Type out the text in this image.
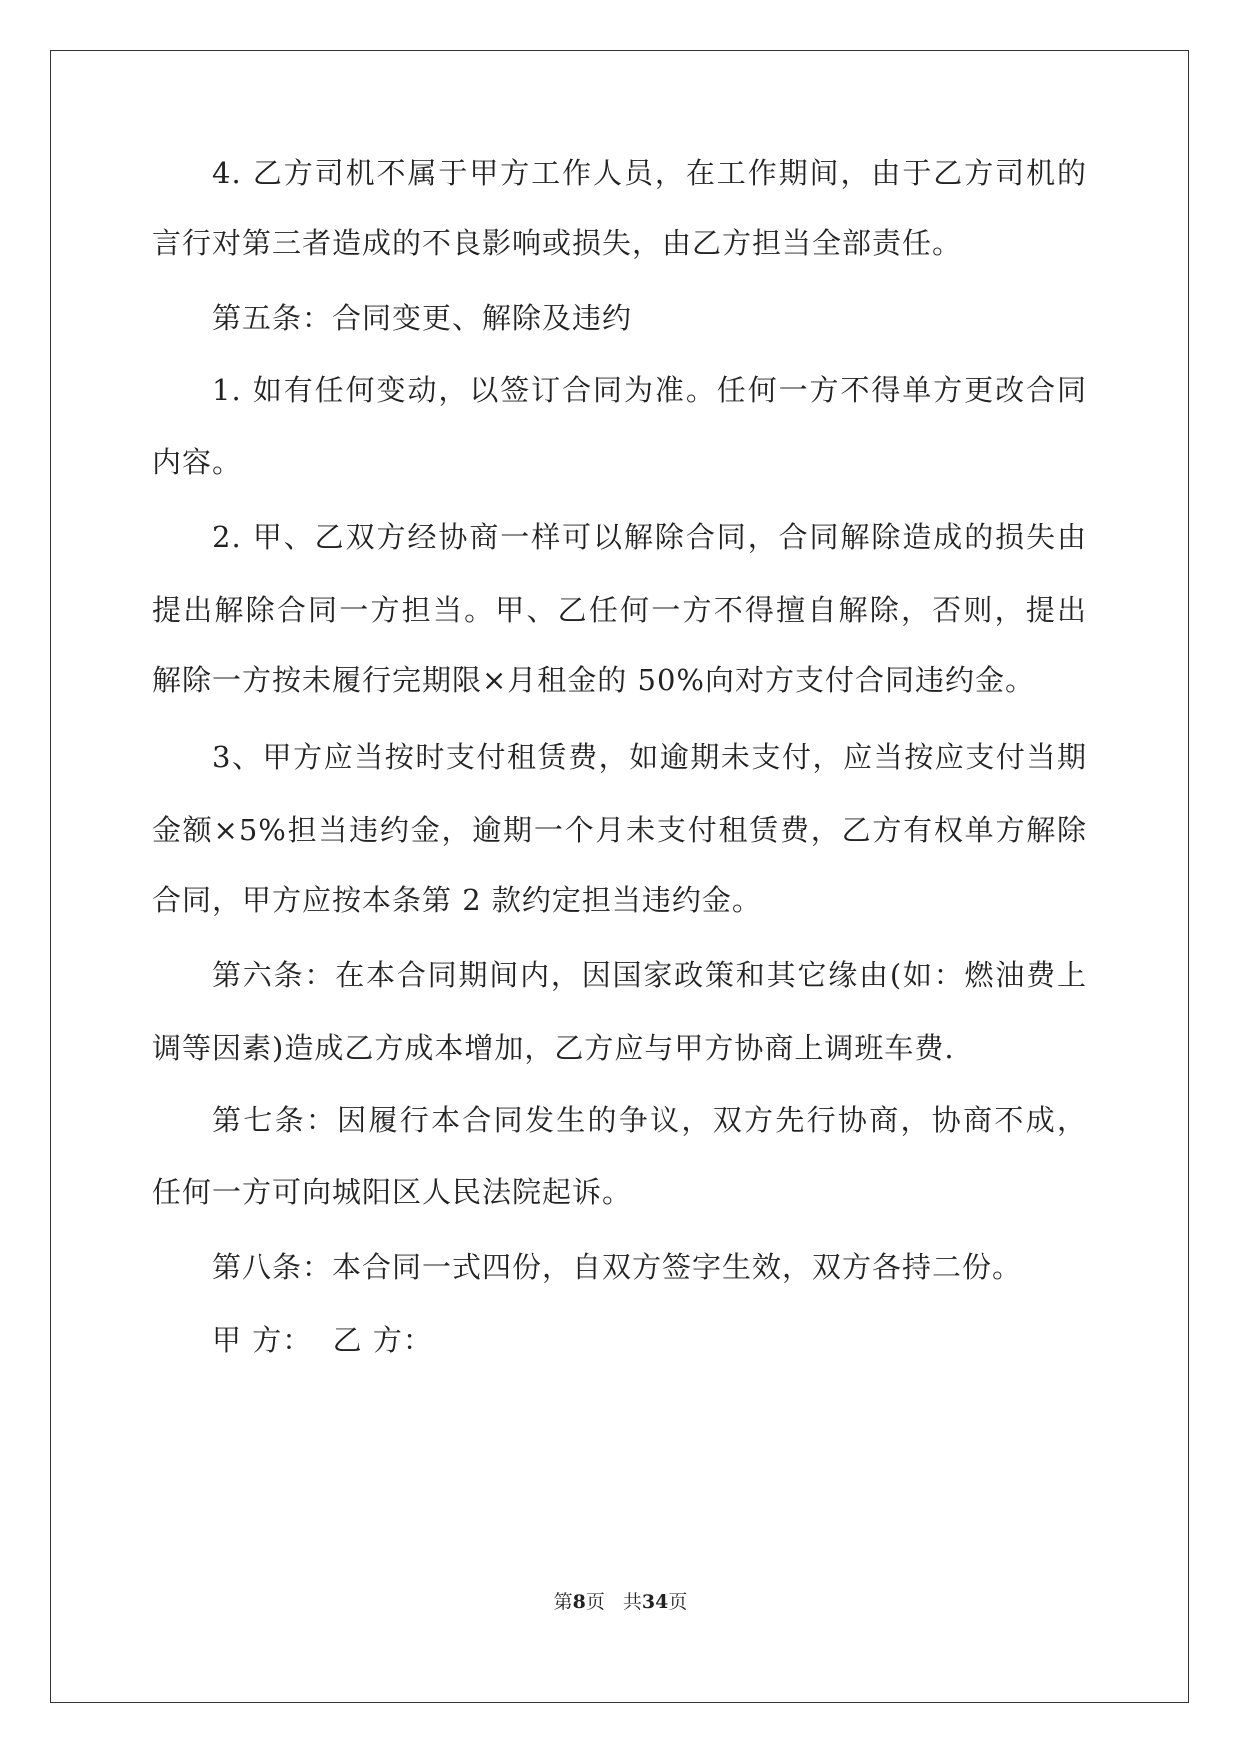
4. 乙方司机不属于甲方工作人员，在工作期间，由于乙方司机的
言行对第三者造成的不良影响或损失，由乙方担当全部责任。
第五条：合同变更、解除及违约
1. 如有任何变动，以签订合同为准。任何一方不得单方更改合同
内容。
2. 甲、乙双方经协商一样可以解除合同，合同解除造成的损失由
提出解除合同一方担当。甲、乙任何一方不得擅自解除，否则，提出
解除一方按未履行完期限×月租金的 50%向对方支付合同违约金。
3、甲方应当按时支付租赁费，如逾期未支付，应当按应支付当期
金额×5%担当违约金，逾期一个月未支付租赁费，乙方有权单方解除
合同，甲方应按本条第 2 款约定担当违约金。
第六条：在本合同期间内，因国家政策和其它缘由(如：燃油费上
调等因素)造成乙方成本增加，乙方应与甲方协商上调班车费.
第七条：因履行本合同发生的争议，双方先行协商，协商不成，
任何一方可向城阳区人民法院起诉。
第八条：本合同一式四份，自双方签字生效，双方各持二份。
甲 方：  乙 方：
第8页 共34页
